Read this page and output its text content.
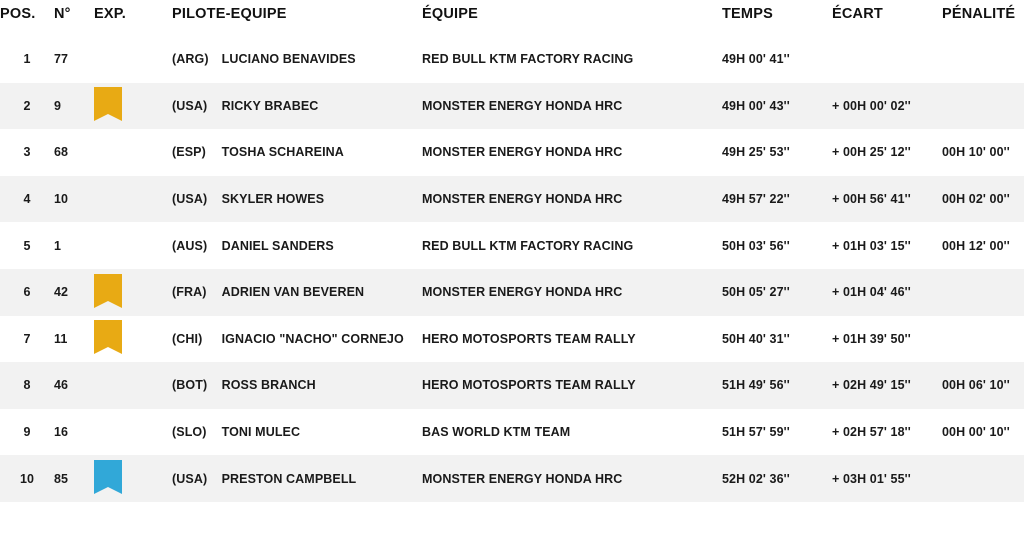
POS.	N°	EXP.	PILOTE-EQUIPE	ÉQUIPE	TEMPS	ÉCART	PÉNALITÉ
1	77		(ARG) LUCIANO BENAVIDES	RED BULL KTM FACTORY RACING	49H 00' 41''		
2	9		(USA) RICKY BRABEC	MONSTER ENERGY HONDA HRC	49H 00' 43''	+ 00H 00' 02''	
3	68		(ESP) TOSHA SCHAREINA	MONSTER ENERGY HONDA HRC	49H 25' 53''	+ 00H 25' 12''	00H 10' 00''
4	10		(USA) SKYLER HOWES	MONSTER ENERGY HONDA HRC	49H 57' 22''	+ 00H 56' 41''	00H 02' 00''
5	1		(AUS) DANIEL SANDERS	RED BULL KTM FACTORY RACING	50H 03' 56''	+ 01H 03' 15''	00H 12' 00''
6	42		(FRA) ADRIEN VAN BEVEREN	MONSTER ENERGY HONDA HRC	50H 05' 27''	+ 01H 04' 46''	
7	11		(CHI) IGNACIO "NACHO" CORNEJO	HERO MOTOSPORTS TEAM RALLY	50H 40' 31''	+ 01H 39' 50''	
8	46		(BOT) ROSS BRANCH	HERO MOTOSPORTS TEAM RALLY	51H 49' 56''	+ 02H 49' 15''	00H 06' 10''
9	16		(SLO) TONI MULEC	BAS WORLD KTM TEAM	51H 57' 59''	+ 02H 57' 18''	00H 00' 10''
10	85		(USA) PRESTON CAMPBELL	MONSTER ENERGY HONDA HRC	52H 02' 36''	+ 03H 01' 55''	
